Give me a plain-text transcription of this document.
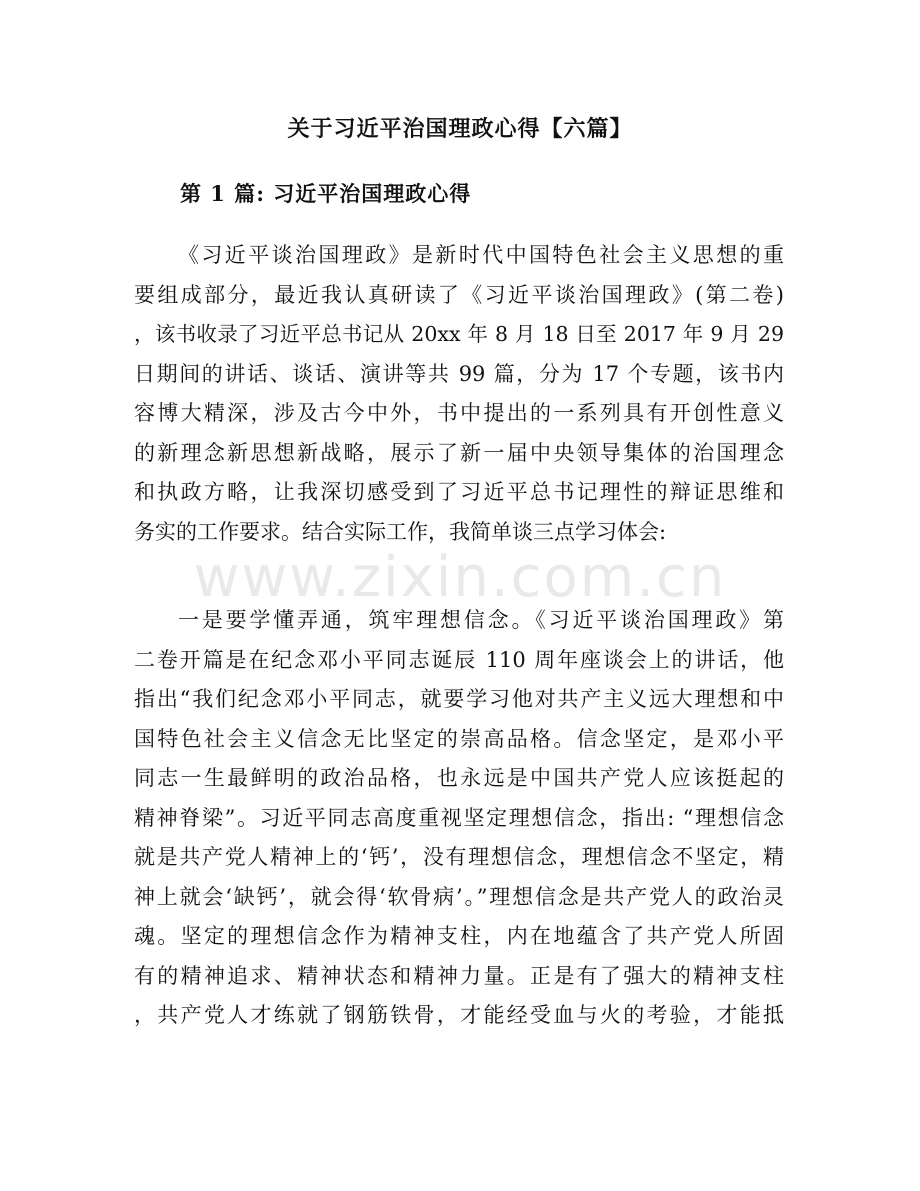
www.zixin.com.cn
关于习近平治国理政心得【六篇】
第 1 篇: 习近平治国理政心得
《习近平谈治国理政》是新时代中国特色社会主义思想的重
要组成部分，最近我认真研读了《习近平谈治国理政》(第二卷)
，该书收录了习近平总书记从 20xx 年 8 月 18 日至 2017 年 9 月 29
日期间的讲话、谈话、演讲等共 99 篇，分为 17 个专题，该书内
容博大精深，涉及古今中外，书中提出的一系列具有开创性意义
的新理念新思想新战略，展示了新一届中央领导集体的治国理念
和执政方略，让我深切感受到了习近平总书记理性的辩证思维和
务实的工作要求。结合实际工作，我简单谈三点学习体会:
一是要学懂弄通，筑牢理想信念。《习近平谈治国理政》第
二卷开篇是在纪念邓小平同志诞辰 110 周年座谈会上的讲话，他
指出“我们纪念邓小平同志，就要学习他对共产主义远大理想和中
国特色社会主义信念无比坚定的崇高品格。信念坚定，是邓小平
同志一生最鲜明的政治品格，也永远是中国共产党人应该挺起的
精神脊梁”。习近平同志高度重视坚定理想信念，指出: “理想信念
就是共产党人精神上的‘钙’，没有理想信念，理想信念不坚定，精
神上就会‘缺钙’，就会得‘软骨病’。”理想信念是共产党人的政治灵
魂。坚定的理想信念作为精神支柱，内在地蕴含了共产党人所固
有的精神追求、精神状态和精神力量。正是有了强大的精神支柱
，共产党人才练就了钢筋铁骨，才能经受血与火的考验，才能抵
